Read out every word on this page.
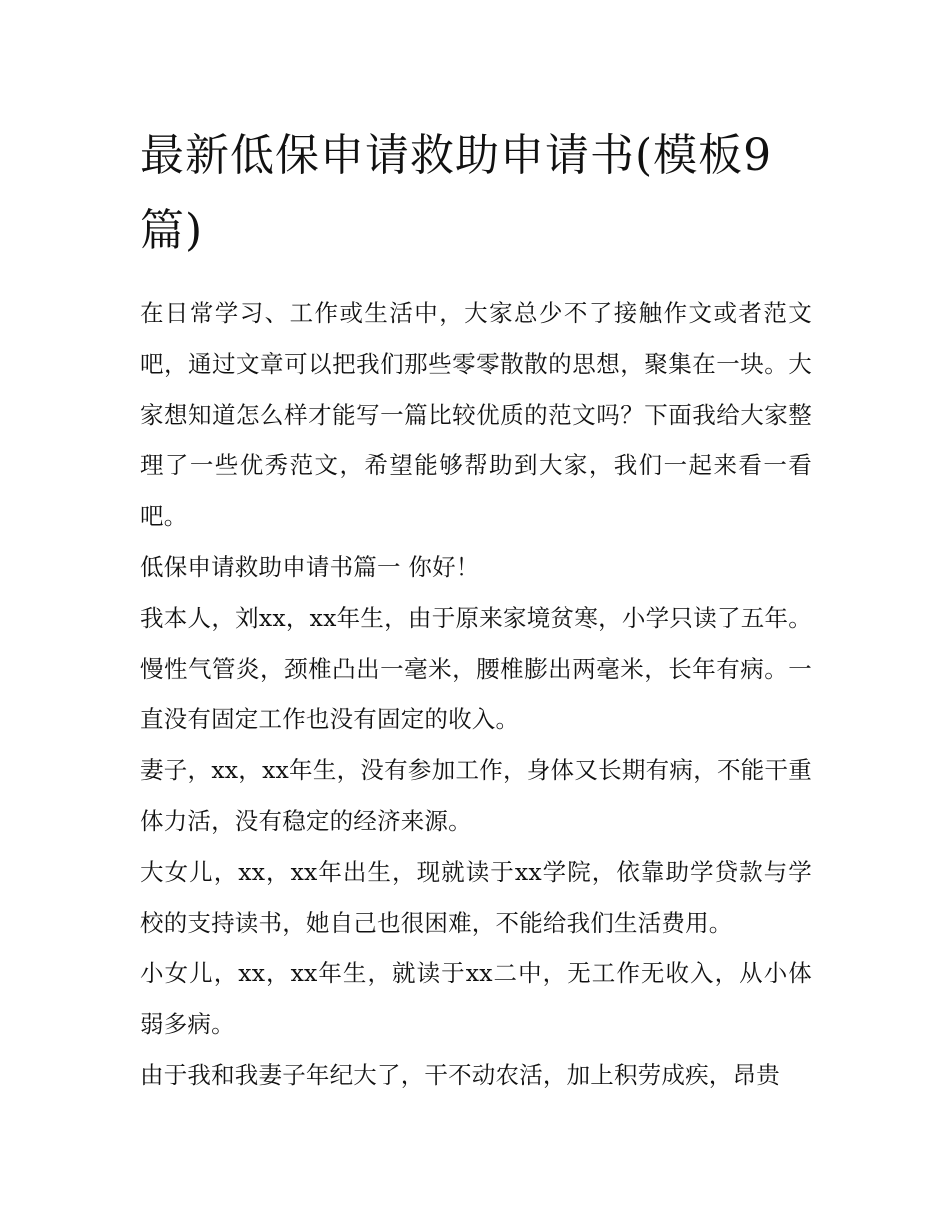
最新低保申请救助申请书(模板9篇)

在日常学习、工作或生活中，大家总少不了接触作文或者范文吧，通过文章可以把我们那些零零散散的思想，聚集在一块。大家想知道怎么样才能写一篇比较优质的范文吗？下面我给大家整理了一些优秀范文，希望能够帮助到大家，我们一起来看一看吧。

低保申请救助申请书篇一 你好！

我本人，刘xx，xx年生，由于原来家境贫寒，小学只读了五年。慢性气管炎，颈椎凸出一毫米，腰椎膨出两毫米，长年有病。一直没有固定工作也没有固定的收入。

妻子，xx，xx年生，没有参加工作，身体又长期有病，不能干重体力活，没有稳定的经济来源。

大女儿，xx，xx年出生，现就读于xx学院，依靠助学贷款与学校的支持读书，她自己也很困难，不能给我们生活费用。

小女儿，xx，xx年生，就读于xx二中，无工作无收入，从小体弱多病。

由于我和我妻子年纪大了，干不动农活，加上积劳成疾，昂贵
